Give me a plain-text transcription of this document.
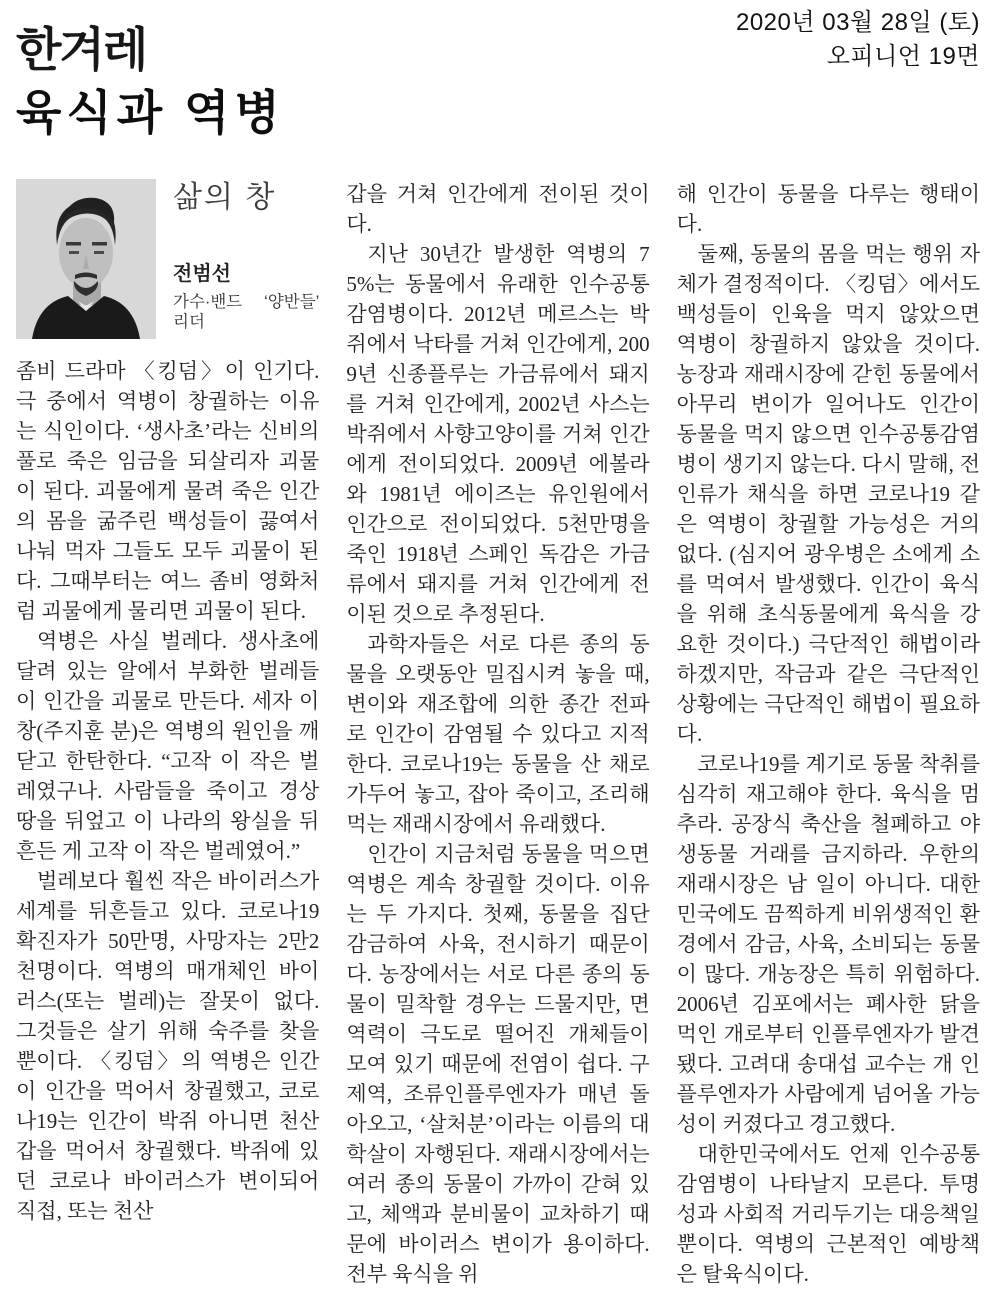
2020년 03월 28일 (토)
오피니언 19면
한겨레
육식과 역병
삶의 창
전범선
가수·밴드 ‘양반들’ 리더

좀비 드라마 〈킹덤〉이 인기다. 극 중에서 역병이 창궐하는 이유는 식인이다. ‘생사초’라는 신비의 풀로 죽은 임금을 되살리자 괴물이 된다. 괴물에게 물려 죽은 인간의 몸을 굶주린 백성들이 끓여서 나눠 먹자 그들도 모두 괴물이 된다. 그때부터는 여느 좀비 영화처럼 괴물에게 물리면 괴물이 된다.

역병은 사실 벌레다. 생사초에 달려 있는 알에서 부화한 벌레들이 인간을 괴물로 만든다. 세자 이창(주지훈 분)은 역병의 원인을 깨닫고 한탄한다. “고작 이 작은 벌레였구나. 사람들을 죽이고 경상 땅을 뒤엎고 이 나라의 왕실을 뒤흔든 게 고작 이 작은 벌레였어.”

벌레보다 훨씬 작은 바이러스가 세계를 뒤흔들고 있다. 코로나19 확진자가 50만명, 사망자는 2만2천명이다. 역병의 매개체인 바이러스(또는 벌레)는 잘못이 없다. 그것들은 살기 위해 숙주를 찾을 뿐이다. 〈킹덤〉의 역병은 인간이 인간을 먹어서 창궐했고, 코로나19는 인간이 박쥐 아니면 천산갑을 먹어서 창궐했다. 박쥐에 있던 코로나 바이러스가 변이되어 직접, 또는 천산

갑을 거쳐 인간에게 전이된 것이다.

지난 30년간 발생한 역병의 75%는 동물에서 유래한 인수공통감염병이다. 2012년 메르스는 박쥐에서 낙타를 거쳐 인간에게, 2009년 신종플루는 가금류에서 돼지를 거쳐 인간에게, 2002년 사스는 박쥐에서 사향고양이를 거쳐 인간에게 전이되었다. 2009년 에볼라와 1981년 에이즈는 유인원에서 인간으로 전이되었다. 5천만명을 죽인 1918년 스페인 독감은 가금류에서 돼지를 거쳐 인간에게 전이된 것으로 추정된다.

과학자들은 서로 다른 종의 동물을 오랫동안 밀집시켜 놓을 때, 변이와 재조합에 의한 종간 전파로 인간이 감염될 수 있다고 지적한다. 코로나19는 동물을 산 채로 가두어 놓고, 잡아 죽이고, 조리해 먹는 재래시장에서 유래했다.

인간이 지금처럼 동물을 먹으면 역병은 계속 창궐할 것이다. 이유는 두 가지다. 첫째, 동물을 집단 감금하여 사육, 전시하기 때문이다. 농장에서는 서로 다른 종의 동물이 밀착할 경우는 드물지만, 면역력이 극도로 떨어진 개체들이 모여 있기 때문에 전염이 쉽다. 구제역, 조류인플루엔자가 매년 돌아오고, ‘살처분’이라는 이름의 대학살이 자행된다. 재래시장에서는 여러 종의 동물이 가까이 갇혀 있고, 체액과 분비물이 교차하기 때문에 바이러스 변이가 용이하다. 전부 육식을 위

해 인간이 동물을 다루는 행태이다.

둘째, 동물의 몸을 먹는 행위 자체가 결정적이다. 〈킹덤〉에서도 백성들이 인육을 먹지 않았으면 역병이 창궐하지 않았을 것이다. 농장과 재래시장에 갇힌 동물에서 아무리 변이가 일어나도 인간이 동물을 먹지 않으면 인수공통감염병이 생기지 않는다. 다시 말해, 전 인류가 채식을 하면 코로나19 같은 역병이 창궐할 가능성은 거의 없다. (심지어 광우병은 소에게 소를 먹여서 발생했다. 인간이 육식을 위해 초식동물에게 육식을 강요한 것이다.) 극단적인 해법이라 하겠지만, 작금과 같은 극단적인 상황에는 극단적인 해법이 필요하다.

코로나19를 계기로 동물 착취를 심각히 재고해야 한다. 육식을 멈추라. 공장식 축산을 철폐하고 야생동물 거래를 금지하라. 우한의 재래시장은 남 일이 아니다. 대한민국에도 끔찍하게 비위생적인 환경에서 감금, 사육, 소비되는 동물이 많다. 개농장은 특히 위험하다. 2006년 김포에서는 폐사한 닭을 먹인 개로부터 인플루엔자가 발견됐다. 고려대 송대섭 교수는 개 인플루엔자가 사람에게 넘어올 가능성이 커졌다고 경고했다.

대한민국에서도 언제 인수공통감염병이 나타날지 모른다. 투명성과 사회적 거리두기는 대응책일 뿐이다. 역병의 근본적인 예방책은 탈육식이다.
